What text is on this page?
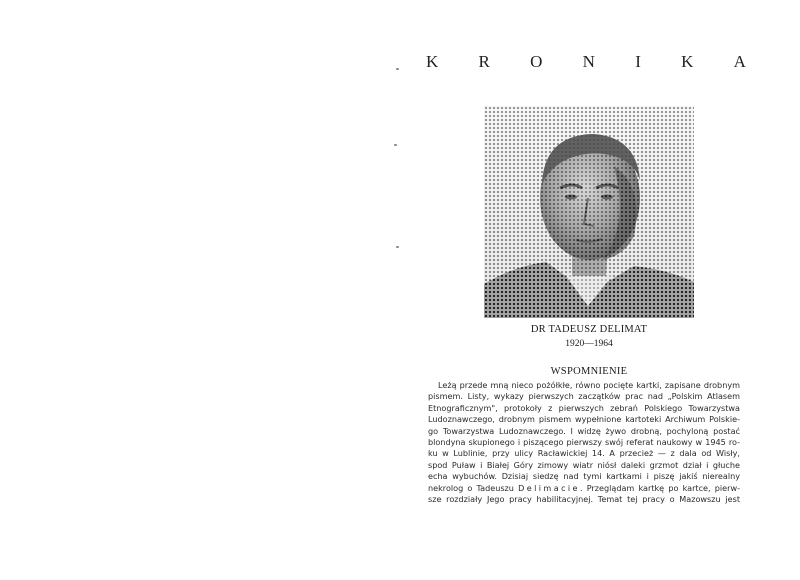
K R O N I K A
DR TADEUSZ DELIMAT
1920—1964
WSPOMNIENIE
Leżą przede mną nieco pożółkłe, równo pocięte kartki, zapisane drobnym
pismem. Listy, wykazy pierwszych zaczątków prac nad „Polskim Atlasem
Etnograficznym", protokoły z pierwszych zebrań Polskiego Towarzystwa
Ludoznawczego, drobnym pismem wypełnione kartoteki Archiwum Polskie-
go Towarzystwa Ludoznawczego. I widzę żywo drobną, pochyloną postać
blondyna skupionego i piszącego pierwszy swój referat naukowy w 1945 ro-
ku w Lublinie, przy ulicy Racławickiej 14. A przecież — z dala od Wisły,
spod Puław i Białej Góry zimowy wiatr niósł daleki grzmot dział i głuche
echa wybuchów. Dzisiaj siedzę nad tymi kartkami i piszę jakiś nierealny
nekrolog o Tadeuszu Delimacie. Przeglądam kartkę po kartce, pierw-
sze rozdziały Jego pracy habilitacyjnej. Temat tej pracy o Mazowszu jest
